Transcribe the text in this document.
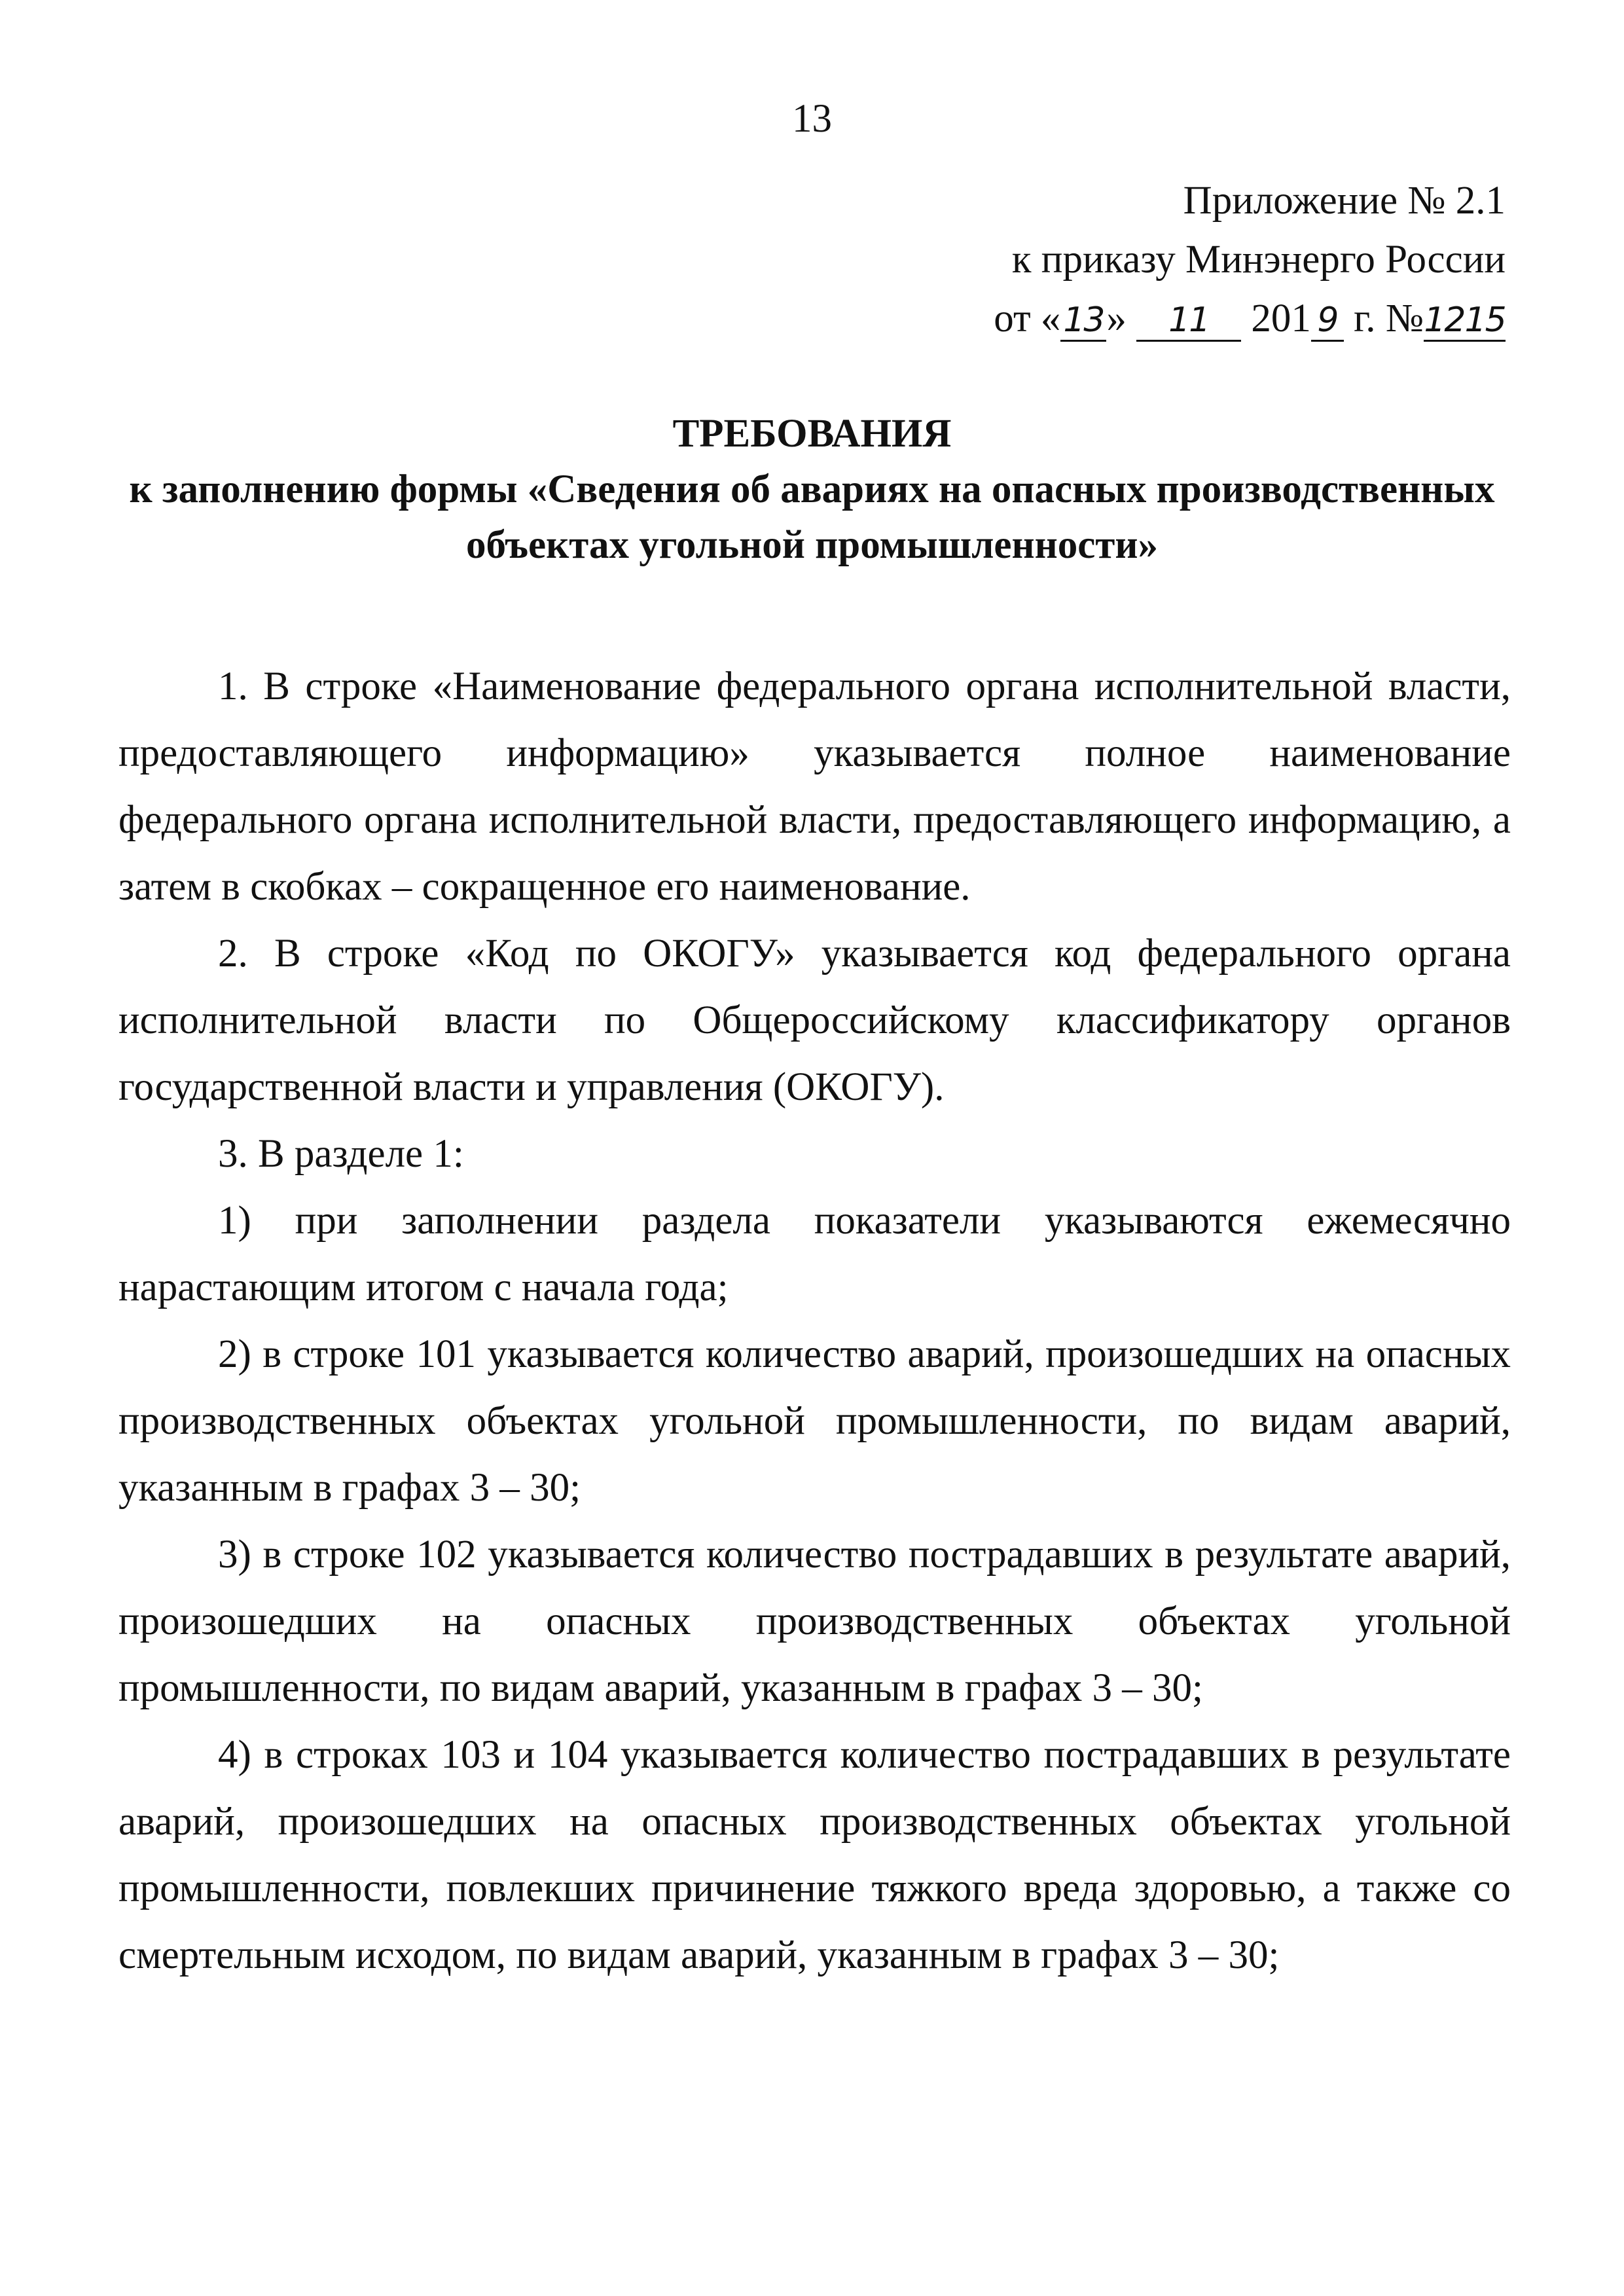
13
Приложение № 2.1
к приказу Минэнерго России
от «13» 11 201 9 г. №1215
ТРЕБОВАНИЯ
к заполнению формы «Сведения об авариях на опасных производственных
объектах угольной промышленности»

1. В строке «Наименование федерального органа исполнительной власти, предоставляющего информацию» указывается полное наименование федерального органа исполнительной власти, предоставляющего информацию, а затем в скобках – сокращенное его наименование.

2. В строке «Код по ОКОГУ» указывается код федерального органа исполнительной власти по Общероссийскому классификатору органов государственной власти и управления (ОКОГУ).

3. В разделе 1:

1) при заполнении раздела показатели указываются ежемесячно нарастающим итогом с начала года;

2) в строке 101 указывается количество аварий, произошедших на опасных производственных объектах угольной промышленности, по видам аварий, указанным в графах 3 – 30;

3) в строке 102 указывается количество пострадавших в результате аварий, произошедших на опасных производственных объектах угольной промышленности, по видам аварий, указанным в графах 3 – 30;

4) в строках 103 и 104 указывается количество пострадавших в результате аварий, произошедших на опасных производственных объектах угольной промышленности, повлекших причинение тяжкого вреда здоровью, а также со смертельным исходом, по видам аварий, указанным в графах 3 – 30;
